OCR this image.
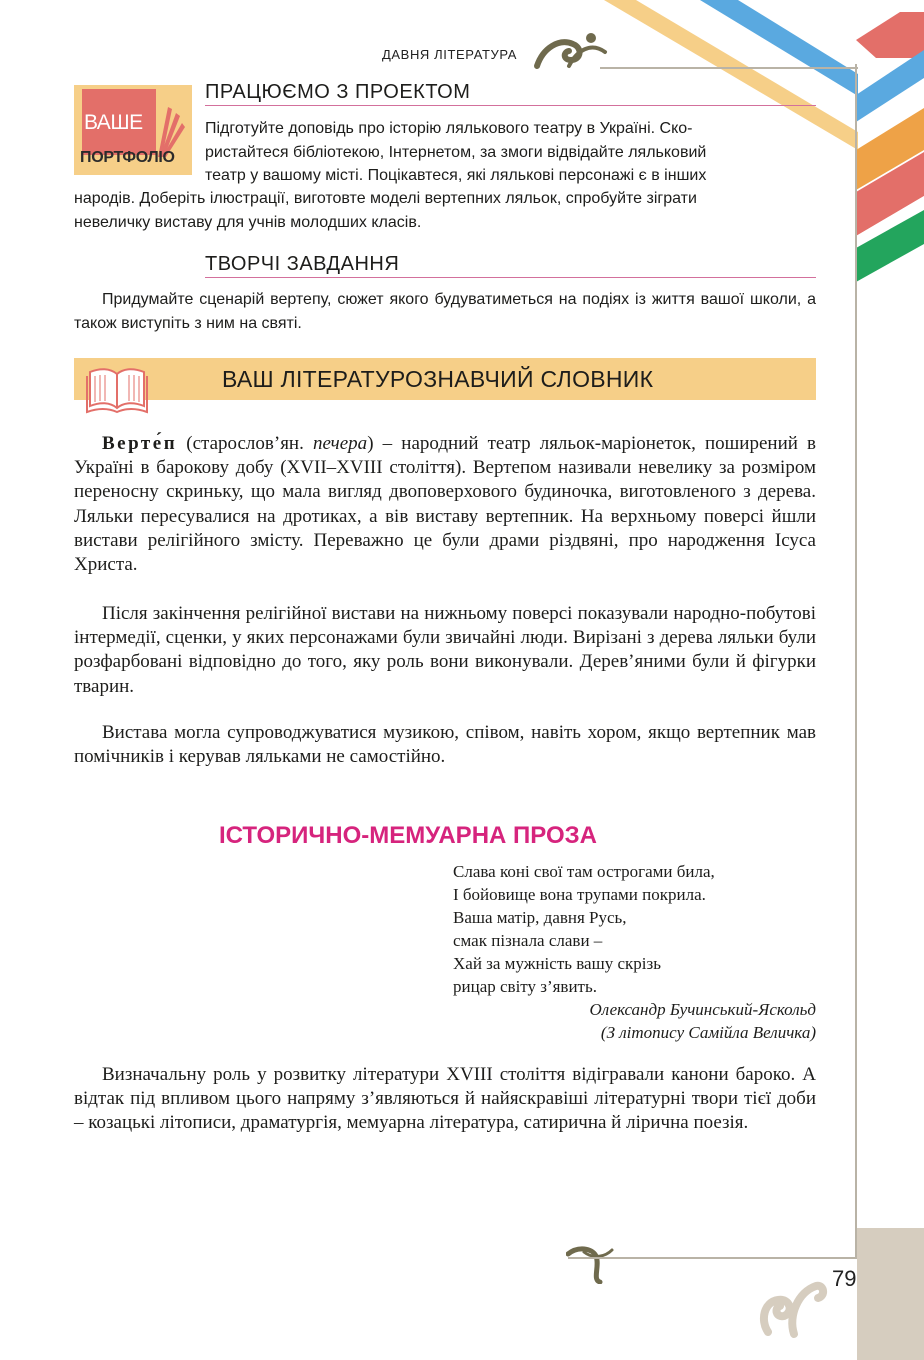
ДАВНЯ ЛІТЕРАТУРА
ВАШЕ
ПОРТФОЛІО
ПРАЦЮЄМО З ПРОЕКТОМ
Підготуйте доповідь про історію лялькового театру в Україні. Ско-
ристайтеся бібліотекою, Інтернетом, за змоги відвідайте ляльковий
театр у вашому місті. Поцікавтеся, які лялькові персонажі є в інших
народів. Доберіть ілюстрації, виготовте моделі вертепних ляльок, спробуйте зіграти
невеличку виставу для учнів молодших класів.
ТВОРЧІ ЗАВДАННЯ

Придумайте сценарій вертепу, сюжет якого будуватиметься на подіях із життя вашої школи, а також виступіть з ним на святі.

ВАШ ЛІТЕРАТУРОЗНАВЧИЙ СЛОВНИК

Верте́п (старослов’ян. печера) – народний театр ляльок-маріонеток, поширений в Україні в барокову добу (XVII–XVIII століття). Вертепом називали невелику за розміром переносну скриньку, що мала вигляд двоповерхового будиночка, виготовленого з дерева. Ляльки пересувалися на дротиках, а вів виставу вертепник. На верхньому поверсі йшли вистави релігійного змісту. Переважно це були драми різдвяні, про народження Ісуса Христа.

Після закінчення релігійної вистави на нижньому поверсі показували народно-побутові інтермедії, сценки, у яких персонажами були звичайні люди. Вирізані з дерева ляльки були розфарбовані відповідно до того, яку роль вони виконували. Дерев’яними були й фігурки тварин.

Вистава могла супроводжуватися музикою, співом, навіть хором, якщо вертепник мав помічників і керував ляльками не самостійно.

ІСТОРИЧНО-МЕМУАРНА ПРОЗА
Слава коні свої там острогами била,
І бойовище вона трупами покрила.
Ваша матір, давня Русь,
смак пізнала слави –
Хай за мужність вашу скрізь
рицар світу з’явить.
Олександр Бучинський-Яскольд
(З літопису Самійла Величка)

Визначальну роль у розвитку літератури XVIII століття відігравали канони бароко. А відтак під впливом цього напряму з’являються й найяскравіші літературні твори тієї доби – козацькі літописи, драматургія, мемуарна література, сатирична й лірична поезія.

79
